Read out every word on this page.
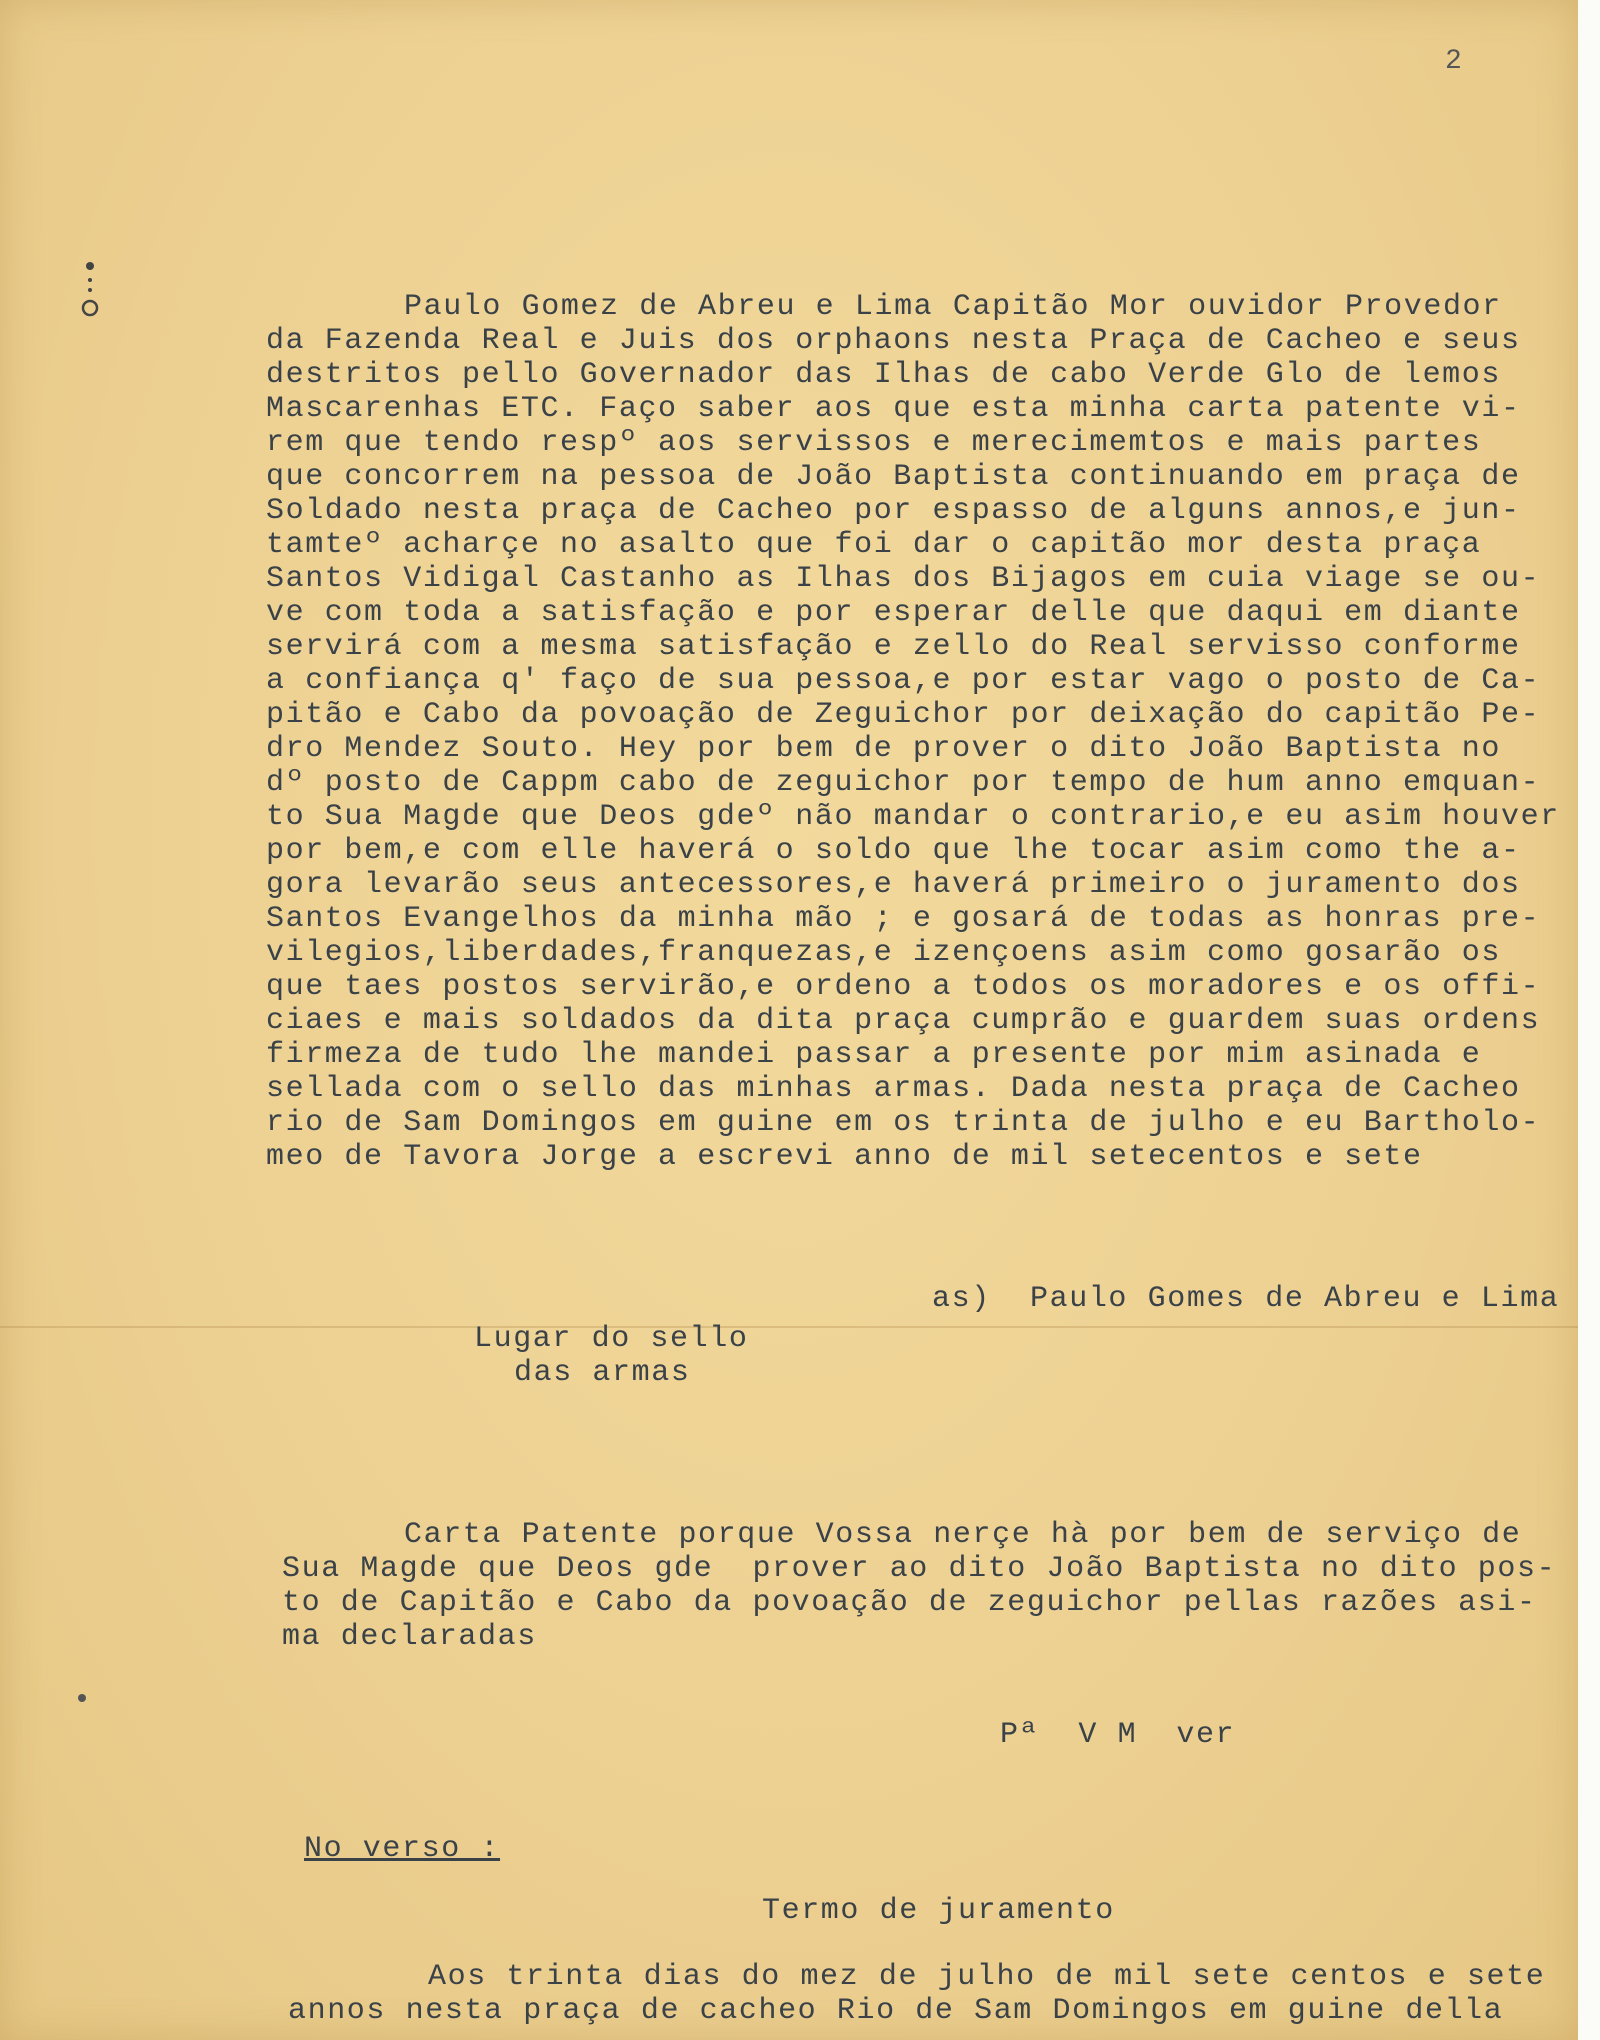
2
Paulo Gomez de Abreu e Lima Capitão Mor ouvidor Provedor
da Fazenda Real e Juis dos orphaons nesta Praça de Cacheo e seus
destritos pello Governador das Ilhas de cabo Verde Glo de lemos
Mascarenhas ETC. Faço saber aos que esta minha carta patente vi-
rem que tendo respº aos servissos e merecimemtos e mais partes
que concorrem na pessoa de João Baptista continuando em praça de
Soldado nesta praça de Cacheo por espasso de alguns annos,e jun-
tamteº acharçe no asalto que foi dar o capitão mor desta praça
Santos Vidigal Castanho as Ilhas dos Bijagos em cuia viage se ou-
ve com toda a satisfação e por esperar delle que daqui em diante
servirá com a mesma satisfação e zello do Real servisso conforme
a confiança q' faço de sua pessoa,e por estar vago o posto de Ca-
pitão e Cabo da povoação de Zeguichor por deixação do capitão Pe-
dro Mendez Souto. Hey por bem de prover o dito João Baptista no
dº posto de Cappm cabo de zeguichor por tempo de hum anno emquan-
to Sua Magde que Deos gdeº não mandar o contrario,e eu asim houver
por bem,e com elle haverá o soldo que lhe tocar asim como the a-
gora levarão seus antecessores,e haverá primeiro o juramento dos
Santos Evangelhos da minha mão ; e gosará de todas as honras pre-
vilegios,liberdades,franquezas,e izençoens asim como gosarão os
que taes postos servirão,e ordeno a todos os moradores e os offi-
ciaes e mais soldados da dita praça cumprão e guardem suas ordens
firmeza de tudo lhe mandei passar a presente por mim asinada e
sellada com o sello das minhas armas. Dada nesta praça de Cacheo
rio de Sam Domingos em guine em os trinta de julho e eu Bartholo-
meo de Tavora Jorge a escrevi anno de mil setecentos e sete
as)  Paulo Gomes de Abreu e Lima
Lugar do sello
das armas
Carta Patente porque Vossa nerçe hà por bem de serviço de
Sua Magde que Deos gde  prover ao dito João Baptista no dito pos-
to de Capitão e Cabo da povoação de zeguichor pellas razões asi-
ma declaradas
Pª  V M  ver
No verso :
Termo de juramento
Aos trinta dias do mez de julho de mil sete centos e sete
annos nesta praça de cacheo Rio de Sam Domingos em guine della
